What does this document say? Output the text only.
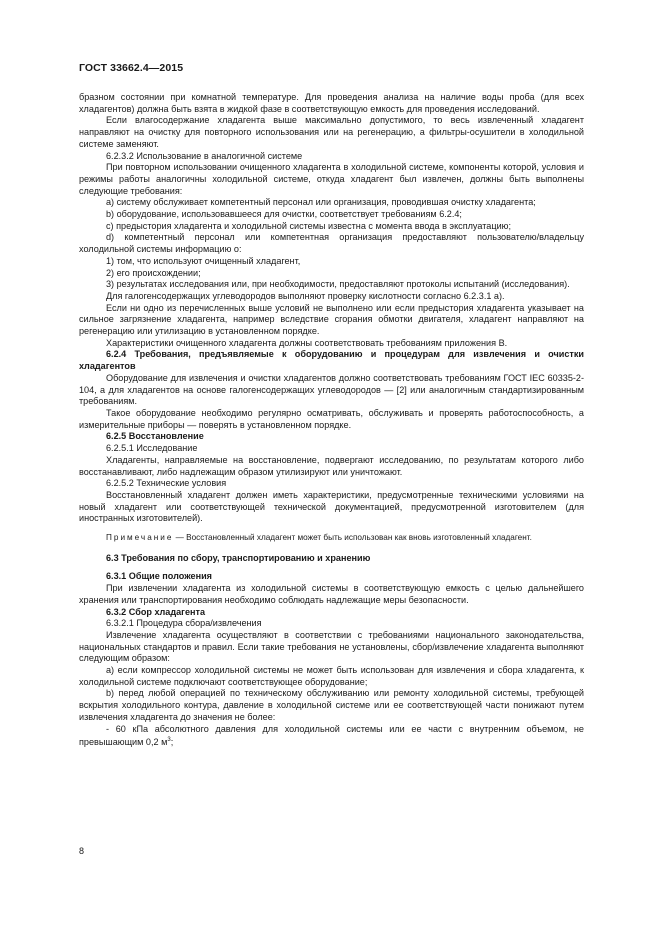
ГОСТ 33662.4—2015

бразном состоянии при комнатной температуре. Для проведения анализа на наличие воды проба (для всех хладагентов) должна быть взята в жидкой фазе в соответствующую емкость для проведения исследований.

Если влагосодержание хладагента выше максимально допустимого, то весь извлеченный хладагент направляют на очистку для повторного использования или на регенерацию, а фильтры-осушители в холодильной системе заменяют.

6.2.3.2 Использование в аналогичной системе

При повторном использовании очищенного хладагента в холодильной системе, компоненты которой, условия и режимы работы аналогичны холодильной системе, откуда хладагент был извлечен, должны быть выполнены следующие требования:

a) систему обслуживает компетентный персонал или организация, проводившая очистку хладагента;

b) оборудование, использовавшееся для очистки, соответствует требованиям 6.2.4;

c) предыстория хладагента и холодильной системы известна с момента ввода в эксплуатацию;

d) компетентный персонал или компетентная организация предоставляют пользователю/владельцу холодильной системы информацию о:

1) том, что используют очищенный хладагент,

2) его происхождении;

3) результатах исследования или, при необходимости, предоставляют протоколы испытаний (исследования).

Для галогенсодержащих углеводородов выполняют проверку кислотности согласно 6.2.3.1 а).

Если ни одно из перечисленных выше условий не выполнено или если предыстория хладагента указывает на сильное загрязнение хладагента, например вследствие сгорания обмотки двигателя, хладагент направляют на регенерацию или утилизацию в установленном порядке.

Характеристики очищенного хладагента должны соответствовать требованиям приложения В.

6.2.4 Требования, предъявляемые к оборудованию и процедурам для извлечения и очистки хладагентов

Оборудование для извлечения и очистки хладагентов должно соответствовать требованиям ГОСТ IEC 60335-2-104, а для хладагентов на основе галогенсодержащих углеводородов — [2] или аналогичным стандартизированным требованиям.

Такое оборудование необходимо регулярно осматривать, обслуживать и проверять работоспособность, а измерительные приборы — поверять в установленном порядке.

6.2.5 Восстановление

6.2.5.1 Исследование

Хладагенты, направляемые на восстановление, подвергают исследованию, по результатам которого либо восстанавливают, либо надлежащим образом утилизируют или уничтожают.

6.2.5.2 Технические условия

Восстановленный хладагент должен иметь характеристики, предусмотренные техническими условиями на новый хладагент или соответствующей технической документацией, предусмотренной изготовителем (для иностранных изготовителей).

Примечание — Восстановленный хладагент может быть использован как вновь изготовленный хладагент.

6.3 Требования по сбору, транспортированию и хранению

6.3.1 Общие положения

При извлечении хладагента из холодильной системы в соответствующую емкость с целью дальнейшего хранения или транспортирования необходимо соблюдать надлежащие меры безопасности.

6.3.2 Сбор хладагента

6.3.2.1 Процедура сбора/извлечения

Извлечение хладагента осуществляют в соответствии с требованиями национального законодательства, национальных стандартов и правил. Если такие требования не установлены, сбор/извлечение хладагента выполняют следующим образом:

a) если компрессор холодильной системы не может быть использован для извлечения и сбора хладагента, к холодильной системе подключают соответствующее оборудование;

b) перед любой операцией по техническому обслуживанию или ремонту холодильной системы, требующей вскрытия холодильного контура, давление в холодильной системе или ее соответствующей части понижают путем извлечения хладагента до значения не более:

- 60 кПа абсолютного давления для холодильной системы или ее части с внутренним объемом, не превышающим 0,2 $м^3$;

8
